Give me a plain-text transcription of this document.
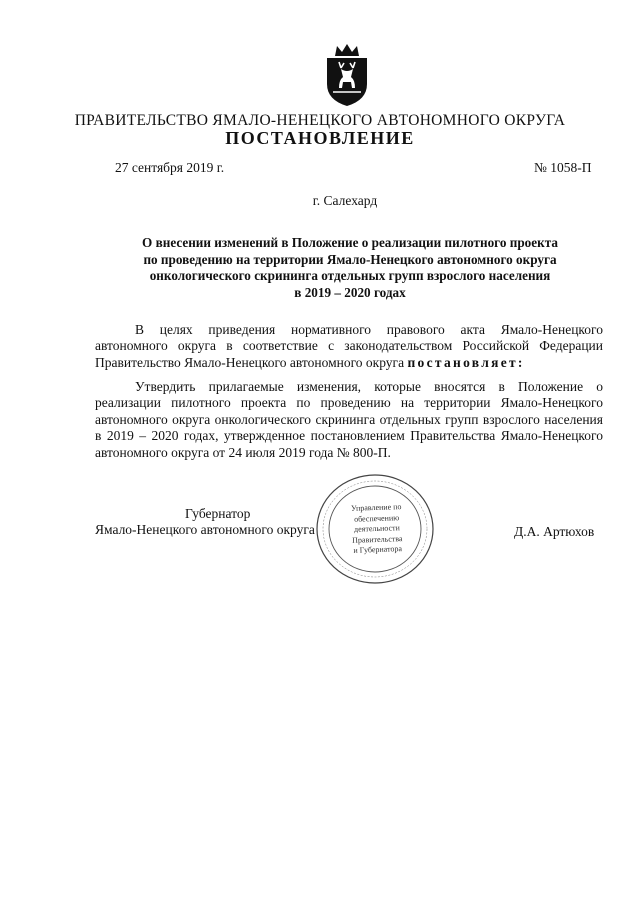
ПРАВИТЕЛЬСТВО ЯМАЛО-НЕНЕЦКОГО АВТОНОМНОГО ОКРУГА
ПОСТАНОВЛЕНИЕ
27 сентября 2019 г.	№ 1058-П
г. Салехард
О внесении изменений в Положение о реализации пилотного проекта
по проведению на территории Ямало-Ненецкого автономного округа
онкологического скрининга отдельных групп взрослого населения
в 2019 – 2020 годах
В целях приведения нормативного правового акта Ямало-Ненецкого автономного округа в соответствие с законодательством Российской Федерации Правительство Ямало-Ненецкого автономного округа постановляет:
Утвердить прилагаемые изменения, которые вносятся в Положение о реализации пилотного проекта по проведению на территории Ямало-Ненецкого автономного округа онкологического скрининга отдельных групп взрослого населения в 2019 – 2020 годах, утвержденное постановлением Правительства Ямало-Ненецкого автономного округа от 24 июля 2019 года № 800-П.
Губернатор
Ямало-Ненецкого автономного округа
Управление по
обеспечению
деятельности
Правительства
и Губернатора
Д.А. Артюхов
